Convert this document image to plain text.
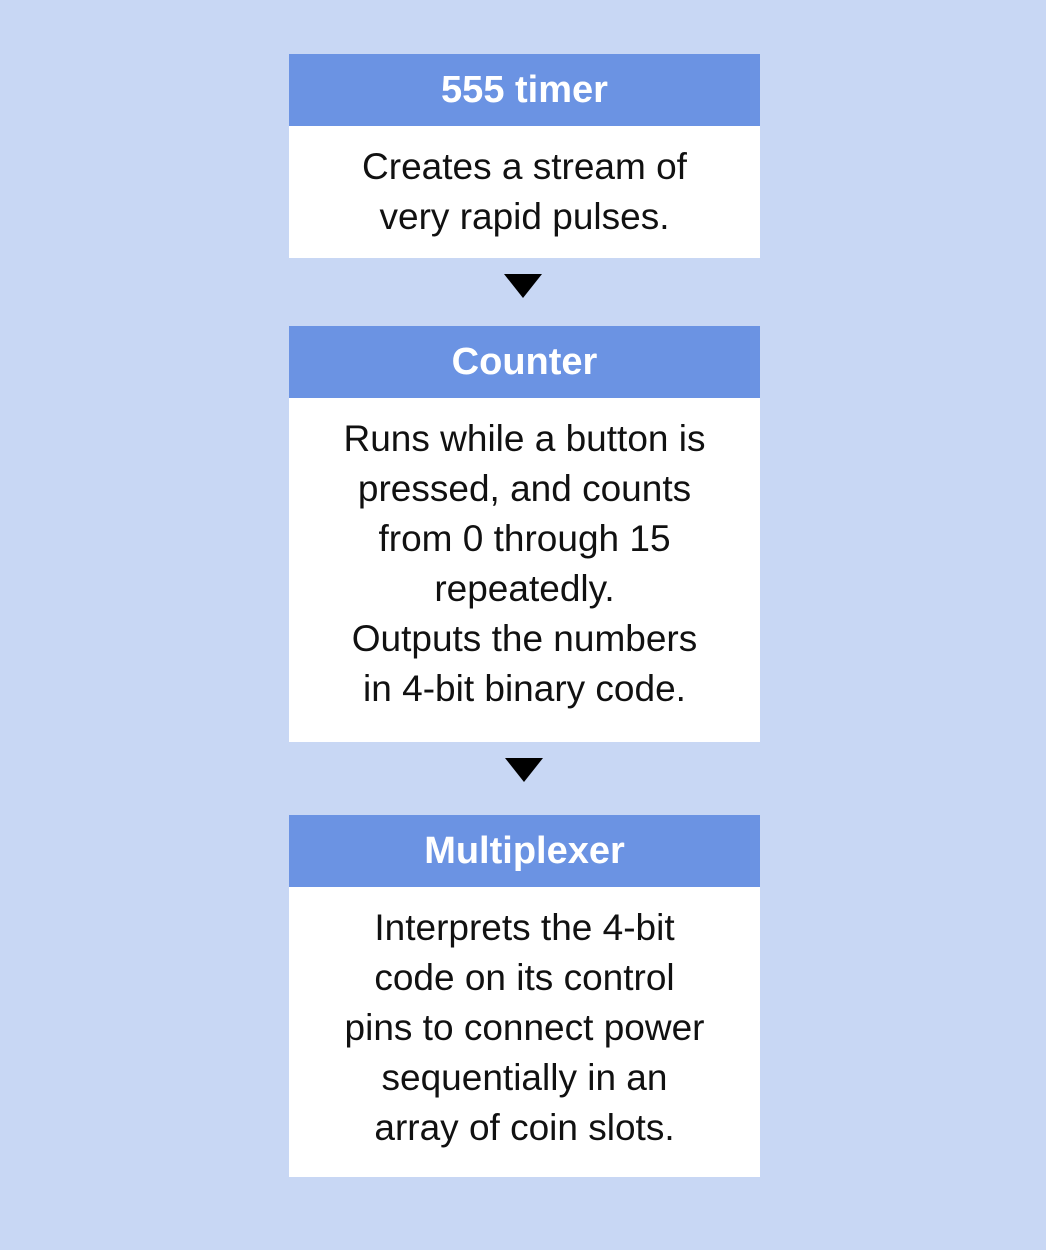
555 timer
Creates a stream of
very rapid pulses.
Counter
Runs while a button is
pressed, and counts
from 0 through 15
repeatedly.
Outputs the numbers
in 4-bit binary code.
Multiplexer
Interprets the 4-bit
code on its control
pins to connect power
sequentially in an
array of coin slots.
